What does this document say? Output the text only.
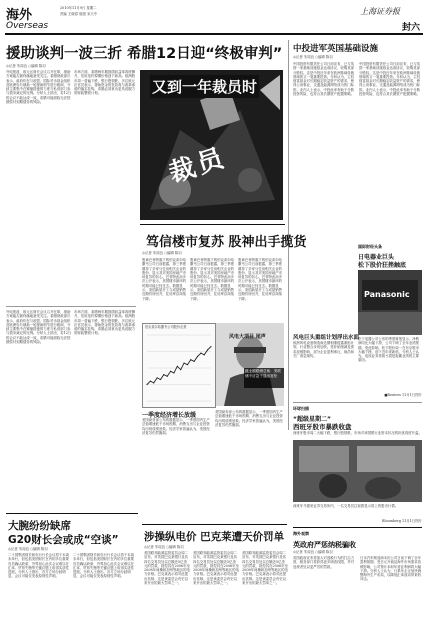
海外
Overseas
2010年11月9日 星期二
责编 王晓春 组版 宋天中	上海证券报
封六
援助谈判一波三折 希腊12日迎“终极审判”
◎记者 朱周良 ○编辑 陈羽
外电报道，欧元区财长会议召开在即，援助方案能否最终落地备受关注。希腊财政部长表示，政府仍在与欧盟、国际货币基金组织及欧洲央行就新一轮援助细节进行磋商，分歧主要集中在紧缩措施的力度与私营部门参与债务减记的比例。分析人士指出，若12日的会议不能达成一致，希腊可能面临无法按期偿付到期债务的风险。
市场方面，希腊两年期国债收益率再度攀升，信用违约掉期价格创下新高。欧洲股市周一普遍下跌，银行股领跌。多位欧元区官员表示，援助资金的发放将与改革承诺的落实挂钩，希腊必须拿出更具说服力的财政整顿计划。	又到一年裁员时
裁员
中投进军英国基础设施
◎记者 朱周良 ○编辑 陈羽
中国投资有限责任公司日前宣布，已与英国一家基础设施基金达成协议，收购其部分股权。这是中投近年来在欧洲基础设施领域的又一笔重要投资。分析认为，主权财富基金对长期稳定收益资产的需求，使得公用事业、交通及能源网络成为热门标的。业内人士表示，中投此举有助于分散投资风险，也符合其长期资产配置策略。
中国投资有限责任公司日前宣布，已与英国一家基础设施基金达成协议，收购其部分股权。这是中投近年来在欧洲基础设施领域的又一笔重要投资。分析认为，主权财富基金对长期稳定收益资产的需求，使得公用事业、交通及能源网络成为热门标的。业内人士表示，中投此举有助于分散投资风险，也符合其长期资产配置策略。
笃信楼市复苏 股神出手揽货
◎记者 朱周良 ○编辑 陈羽
股神巴菲特旗下的伯克希尔哈撒韦公司日前披露，第三季度增持了多家与住房相关企业的股份，显示其对美国房地产市场复苏的信心。巴菲特此前多次公开表示，美国楼市最坏的时期可能已经过去。数据显示，美国新屋开工与成屋销售近期有所回升，住房库存持续下降。
股神巴菲特旗下的伯克希尔哈撒韦公司日前披露，第三季度增持了多家与住房相关企业的股份，显示其对美国房地产市场复苏的信心。巴菲特此前多次公开表示，美国楼市最坏的时期可能已经过去。数据显示，美国新屋开工与成屋销售近期有所回升，住房库存持续下降。
股神巴菲特旗下的伯克希尔哈撒韦公司日前披露，第三季度增持了多家与住房相关企业的股份，显示其对美国房地产市场复苏的信心。巴菲特此前多次公开表示，美国楼市最坏的时期可能已经过去。数据显示，美国新屋开工与成屋销售近期有所回升，住房库存持续下降。
伯克希尔哈撒韦公司股价走势
波士顿联储总裁：美联储不应急于退出宽松
一季度经济增长放缓
美国商务部公布的数据显示，一季度国内生产总值增速低于市场预期，消费支出与企业投资均出现放缓迹象。经济学家普遍认为，美国经济复苏仍然脆弱。
美国商务部公布的数据显示，一季度国内生产总值增速低于市场预期，消费支出与企业投资均出现放缓迹象。经济学家普遍认为，美国经济复苏仍然脆弱。
外电报道，欧元区财长会议召开在即，援助方案能否最终落地备受关注。希腊财政部长表示，政府仍在与欧盟、国际货币基金组织及欧洲央行就新一轮援助细节进行磋商，分歧主要集中在紧缩措施的力度与私营部门参与债务减记的比例。分析人士指出，若12日的会议不能达成一致，希腊可能面临无法按期偿付到期债务的风险。
市场方面，希腊两年期国债收益率再度攀升，信用违约掉期价格创下新高。欧洲股市周一普遍下跌，银行股领跌。多位欧元区官员表示，援助资金的发放将与改革承诺的落实挂钩，希腊必须拿出更具说服力的财政整顿计划。
风电大项目 尾声	风电巨头重组计划浮出水面
欧洲风电设备制造商近期相继披露重组计划，行业整合步伐加快。受补贴削减及需求放缓影响，部分企业盈利承压，裁员和关厂消息频传。
国际财经头条
日电器业巨头
松下股价狂挫触底
Panasonic
松下电器公司公布的季度财报显示，净利润同比大幅下滑，公司下调了全年业绩预期。受此影响，松下股价周一在东京股市大幅下挫，创下近年来新低。分析人士认为，电视业务持续亏损是拖累业绩的主要原因。
■Reuters 11月1日图片
环球扫描
“超级星期二”
西班牙股市暴跌收盘
西班牙股市周二大幅下跌，银行股领跌，市场对该国银行业资本状况的担忧再度升温。
西班牙马德里证券交易所内，一名交易员注视着显示屏上的股市行情。
Bloomberg 11月1日图片
大腕纷纷缺席
G20财长会或成“空谈”
◎记者 朱周良 ○编辑 陈羽
二十国集团财长和央行行长会议将于本周末举行，但包括美国财长在内的多位重要官员确认缺席，外界担心此次会议难以在汇率、贸易失衡等关键议题上取得实质性进展。分析人士指出，各方立场分歧明显，会议可能仅发表原则性声明。
二十国集团财长和央行行长会议将于本周末举行，但包括美国财长在内的多位重要官员确认缺席，外界担心此次会议难以在汇率、贸易失衡等关键议题上取得实质性进展。分析人士指出，各方立场分歧明显，会议可能仅发表原则性声明。
涉操纵电价 巴克莱遭天价罚单
◎记者 朱周良 ○编辑 陈羽
美国联邦能源监管委员会周二宣布，对英国巴克莱银行及其四名交易员处以总额近5亿美元的罚款，指控其在2006年至2008年间操纵加州等地区的电力价格。巴克莱表示将对此提出抗辩。这是该委员会有史以来开出的最大罚单之一。
美国联邦能源监管委员会周二宣布，对英国巴克莱银行及其四名交易员处以总额近5亿美元的罚款，指控其在2006年至2008年间操纵加州等地区的电力价格。巴克莱表示将对此提出抗辩。这是该委员会有史以来开出的最大罚单之一。
美国联邦能源监管委员会周二宣布，对英国巴克莱银行及其四名交易员处以总额近5亿美元的罚款，指控其在2006年至2008年间操纵加州等地区的电力价格。巴克莱表示将对此提出抗辩。这是该委员会有史以来开出的最大罚单之一。
海外观察
英政府严惩纳税骗收
◎记者 朱周良 ○编辑 陈羽
英国政府宣布将加大对逃税行为的打击力度，税务部门将获得更多调查权限，并对违规者处以更严厉的罚款。
日本汽车制造商本田公司日前下调了全年盈利预期，受日元升值及海外市场需求放缓影响，公司预计本财年营业利润将大幅下滑。分析人士认为，日系车企正加快调整海外生产布局，以降低汇率波动带来的冲击。
